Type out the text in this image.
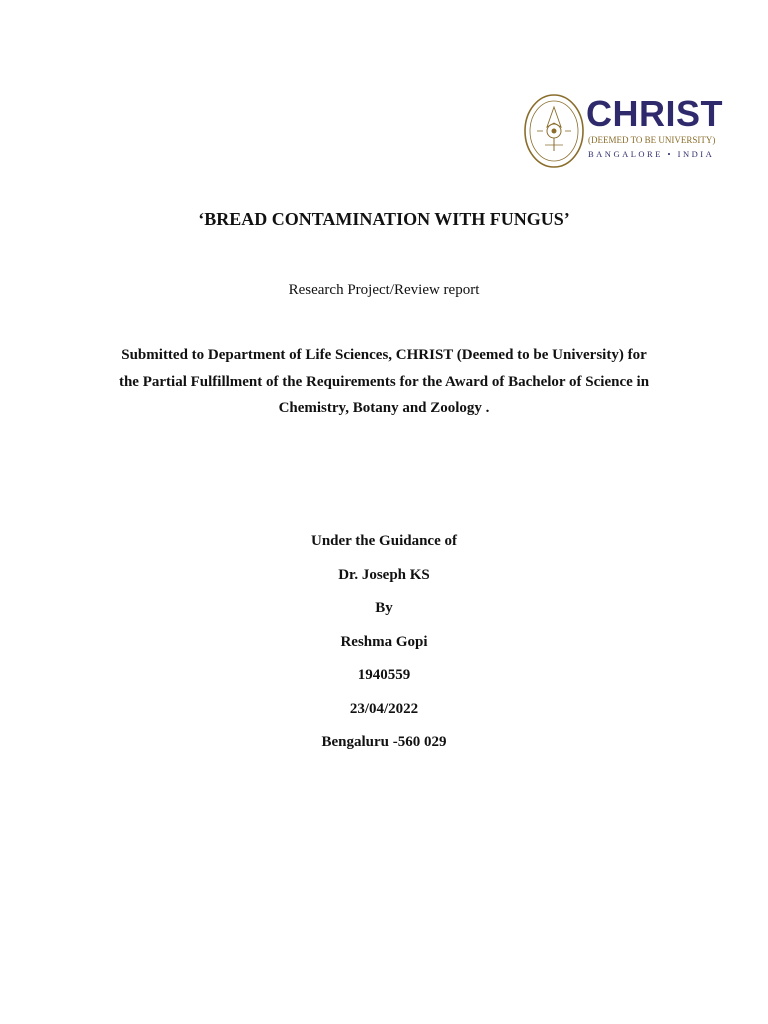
CHRIST
(DEEMED TO BE UNIVERSITY)
BANGALORE • INDIA
‘BREAD CONTAMINATION WITH FUNGUS’
Research Project/Review report
Submitted to Department of Life Sciences, CHRIST (Deemed to be University) for
the Partial Fulfillment of the Requirements for the Award of Bachelor of Science in
Chemistry, Botany and Zoology .
Under the Guidance of
Dr. Joseph KS
By
Reshma Gopi
1940559
23/04/2022
Bengaluru -560 029
